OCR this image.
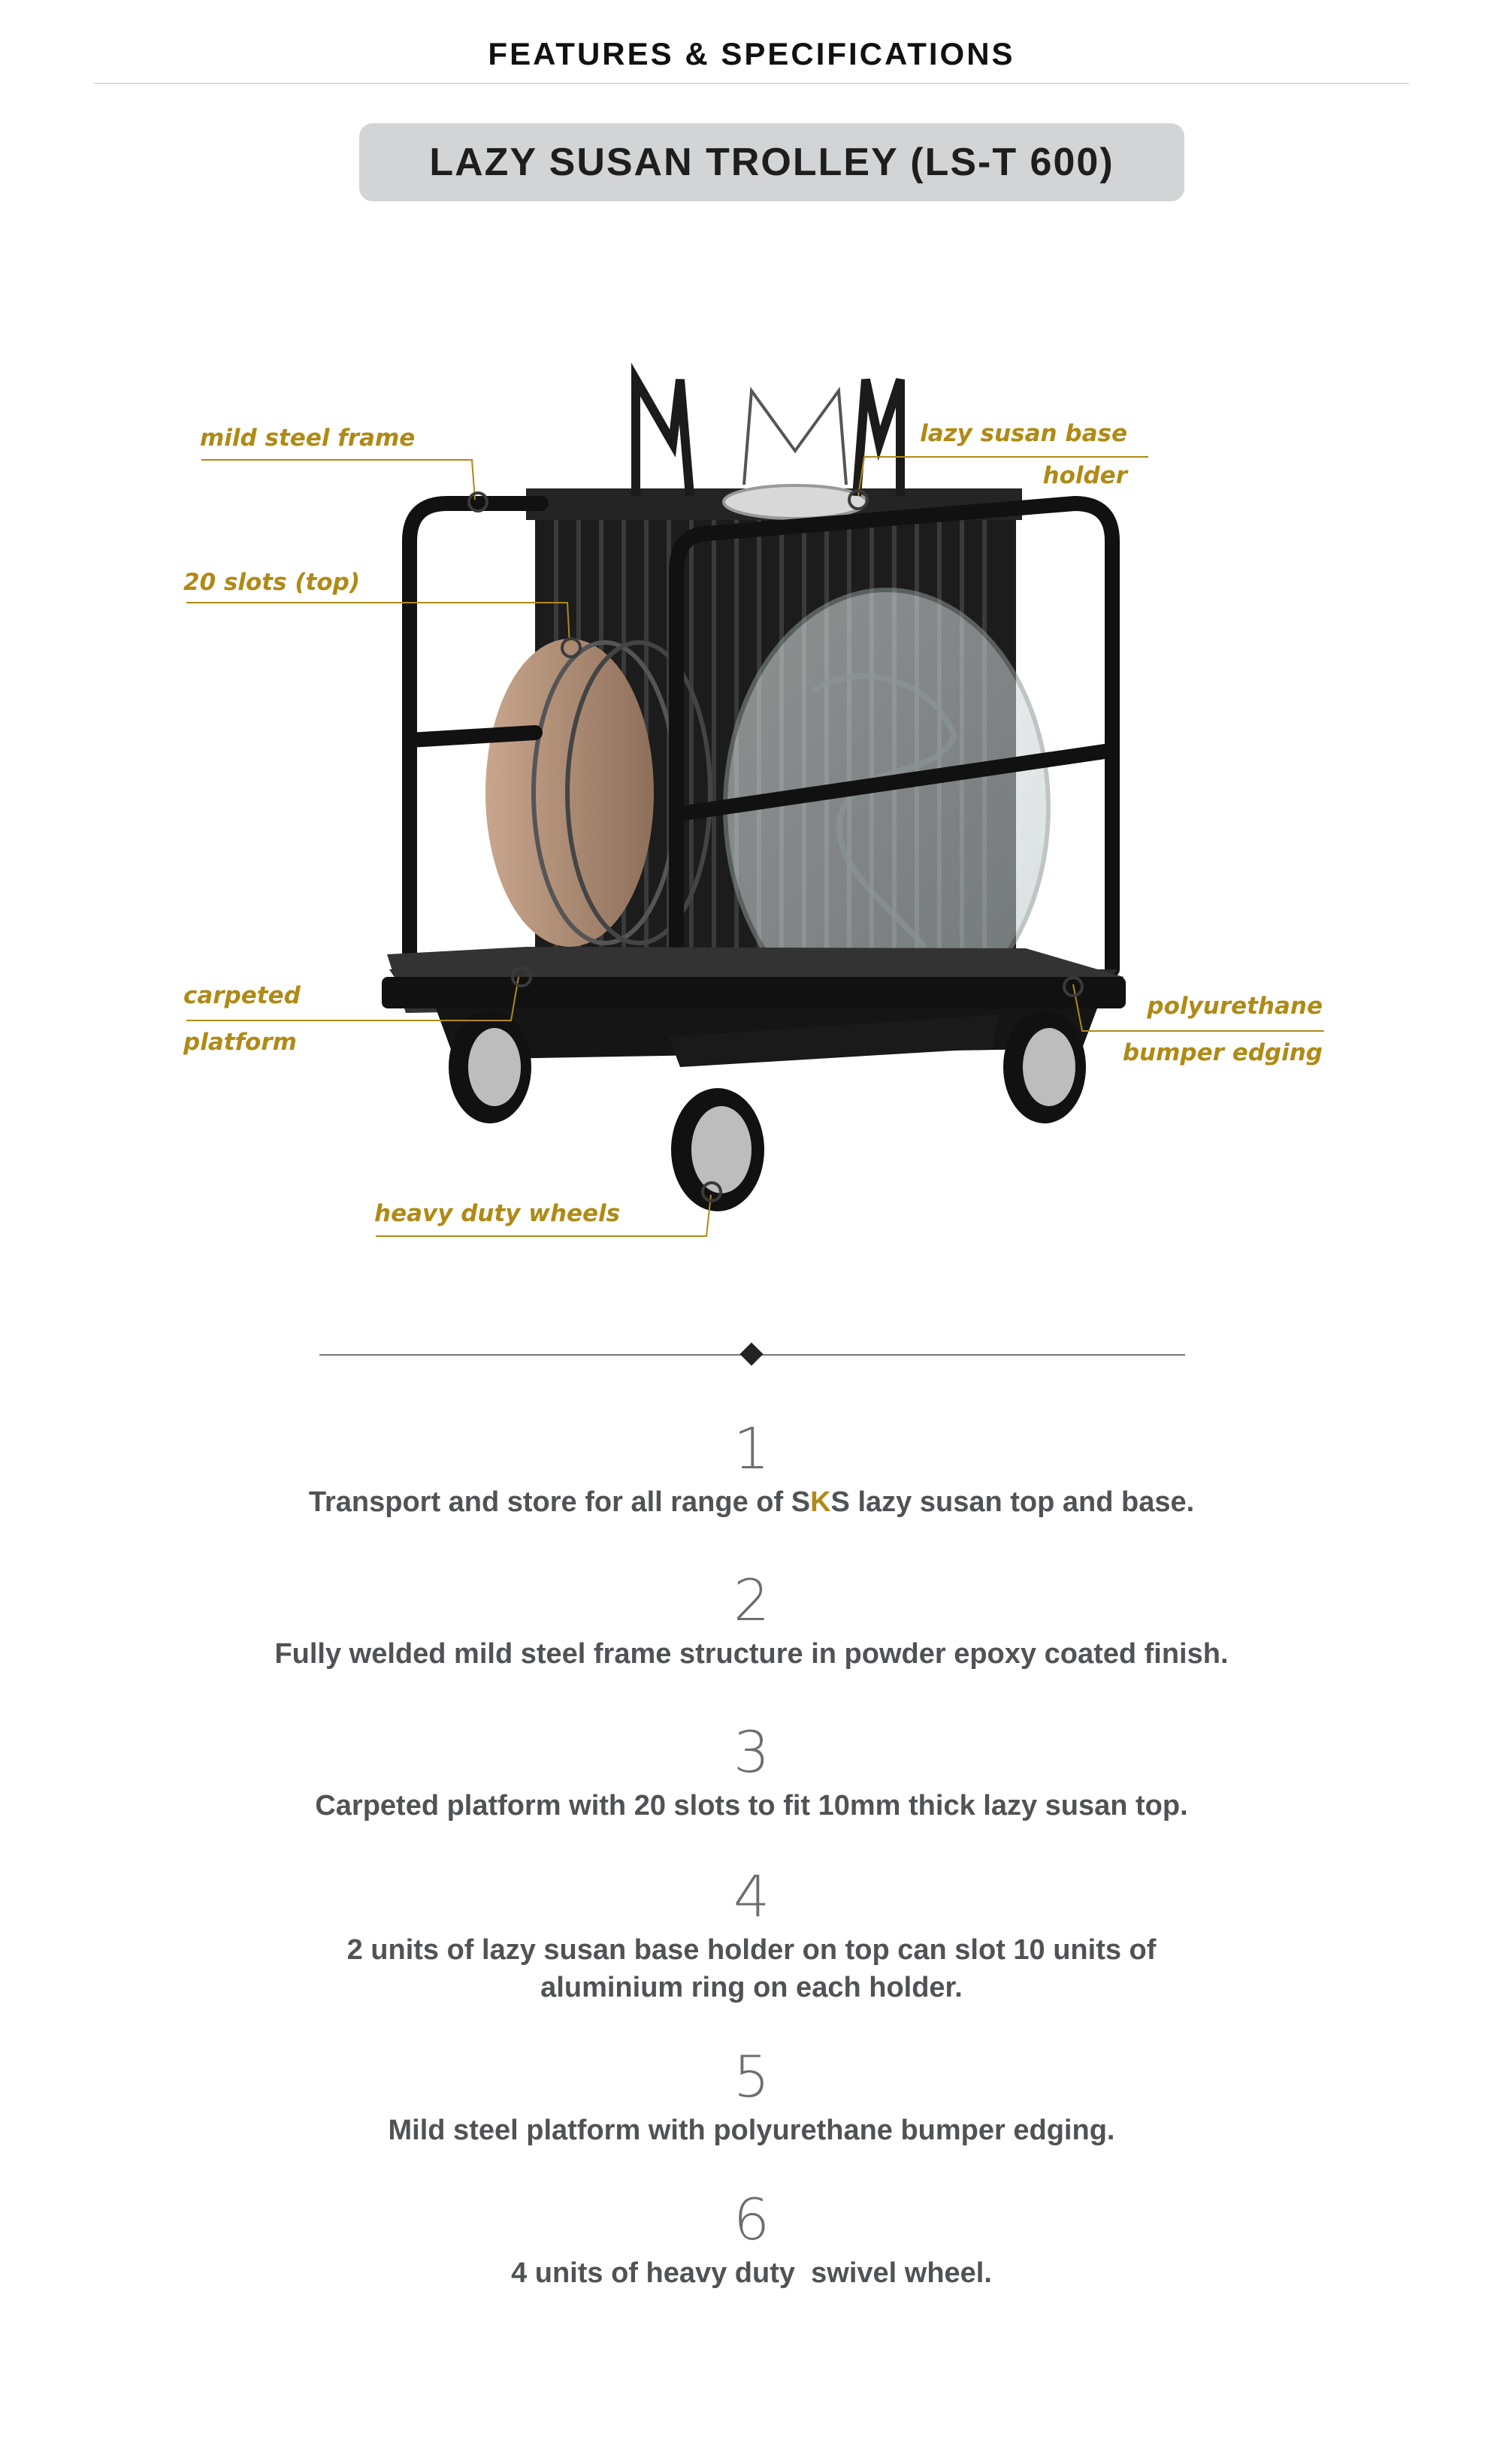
FEATURES & SPECIFICATIONS
LAZY SUSAN TROLLEY (LS-T 600)
mild steel frame	lazy susan base
holder
20 slots (top)
carpeted
platform
polyurethane
bumper edging
heavy duty wheels
1
Transport and store for all range of SKS lazy susan top and base.
2
Fully welded mild steel frame structure in powder epoxy coated finish.
3
Carpeted platform with 20 slots to fit 10mm thick lazy susan top.
4
2 units of lazy susan base holder on top can slot 10 units of
aluminium ring on each holder.
5
Mild steel platform with polyurethane bumper edging.
6
4 units of heavy duty  swivel wheel.
